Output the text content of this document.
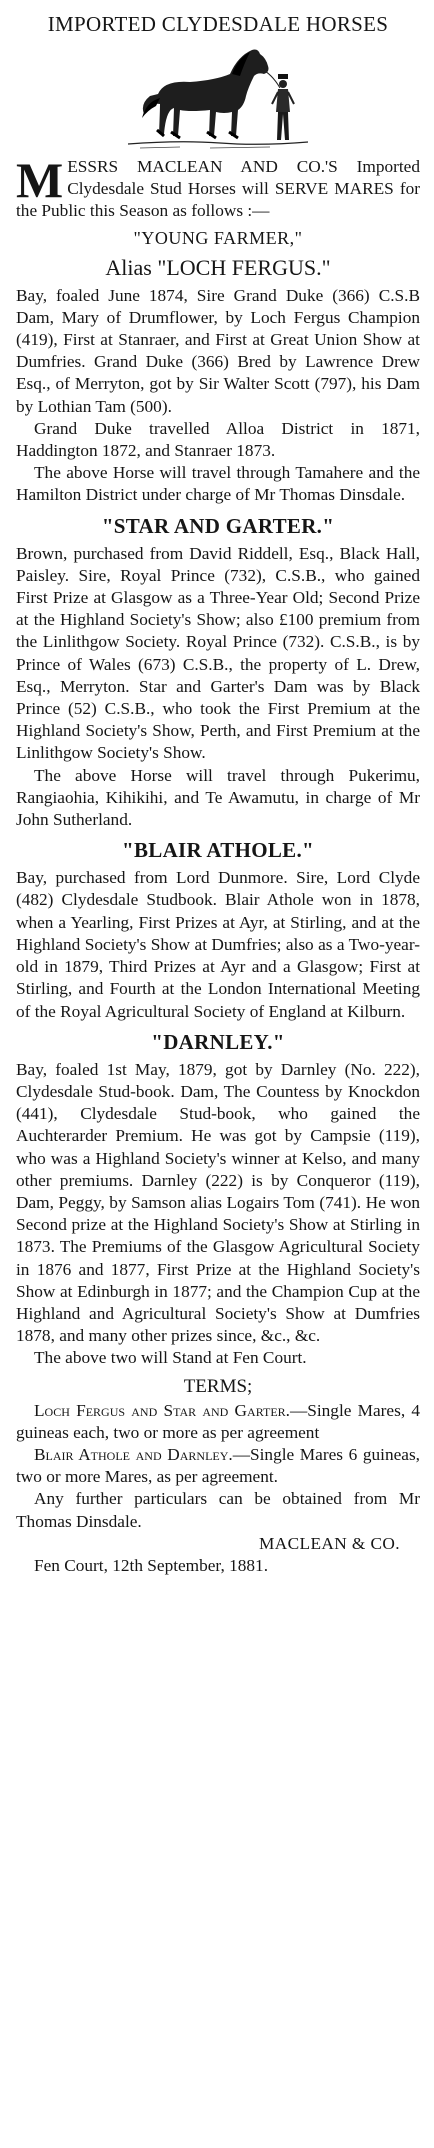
IMPORTED CLYDESDALE HORSES

MESSRS MACLEAN AND CO.'S Imported Clydesdale Stud Horses will SERVE MARES for the Public this Season as follows :—

"YOUNG FARMER,"
Alias "LOCH FERGUS."

Bay, foaled June 1874, Sire Grand Duke (366) C.S.B Dam, Mary of Drumflower, by Loch Fergus Champion (419), First at Stanraer, and First at Great Union Show at Dumfries. Grand Duke (366) Bred by Lawrence Drew Esq., of Merryton, got by Sir Walter Scott (797), his Dam by Lothian Tam (500).

Grand Duke travelled Alloa District in 1871, Haddington 1872, and Stanraer 1873.

The above Horse will travel through Tamahere and the Hamilton District under charge of Mr Thomas Dinsdale.

"STAR AND GARTER."

Brown, purchased from David Riddell, Esq., Black Hall, Paisley. Sire, Royal Prince (732), C.S.B., who gained First Prize at Glasgow as a Three-Year Old; Second Prize at the Highland Society's Show; also £100 premium from the Linlithgow Society. Royal Prince (732). C.S.B., is by Prince of Wales (673) C.S.B., the property of L. Drew, Esq., Merryton. Star and Garter's Dam was by Black Prince (52) C.S.B., who took the First Premium at the Highland Society's Show, Perth, and First Premium at the Linlithgow Society's Show.

The above Horse will travel through Pukerimu, Rangiaohia, Kihikihi, and Te Awamutu, in charge of Mr John Sutherland.

"BLAIR ATHOLE."

Bay, purchased from Lord Dunmore. Sire, Lord Clyde (482) Clydesdale Studbook. Blair Athole won in 1878, when a Yearling, First Prizes at Ayr, at Stirling, and at the Highland Society's Show at Dumfries; also as a Two-year-old in 1879, Third Prizes at Ayr and a Glasgow; First at Stirling, and Fourth at the London International Meeting of the Royal Agricultural Society of England at Kilburn.

"DARNLEY."

Bay, foaled 1st May, 1879, got by Darnley (No. 222), Clydesdale Stud-book. Dam, The Countess by Knockdon (441), Clydesdale Stud-book, who gained the Auchterarder Premium. He was got by Campsie (119), who was a Highland Society's winner at Kelso, and many other premiums. Darnley (222) is by Conqueror (119), Dam, Peggy, by Samson alias Logairs Tom (741). He won Second prize at the Highland Society's Show at Stirling in 1873. The Premiums of the Glasgow Agricultural Society in 1876 and 1877, First Prize at the Highland Society's Show at Edinburgh in 1877; and the Champion Cup at the Highland and Agricultural Society's Show at Dumfries 1878, and many other prizes since, &c., &c.

The above two will Stand at Fen Court.

TERMS;

Loch Fergus and Star and Garter.—Single Mares, 4 guineas each, two or more as per agreement

Blair Athole and Darnley.—Single Mares 6 guineas, two or more Mares, as per agreement.

Any further particulars can be obtained from Mr Thomas Dinsdale.

MACLEAN & CO.
Fen Court, 12th September, 1881.
